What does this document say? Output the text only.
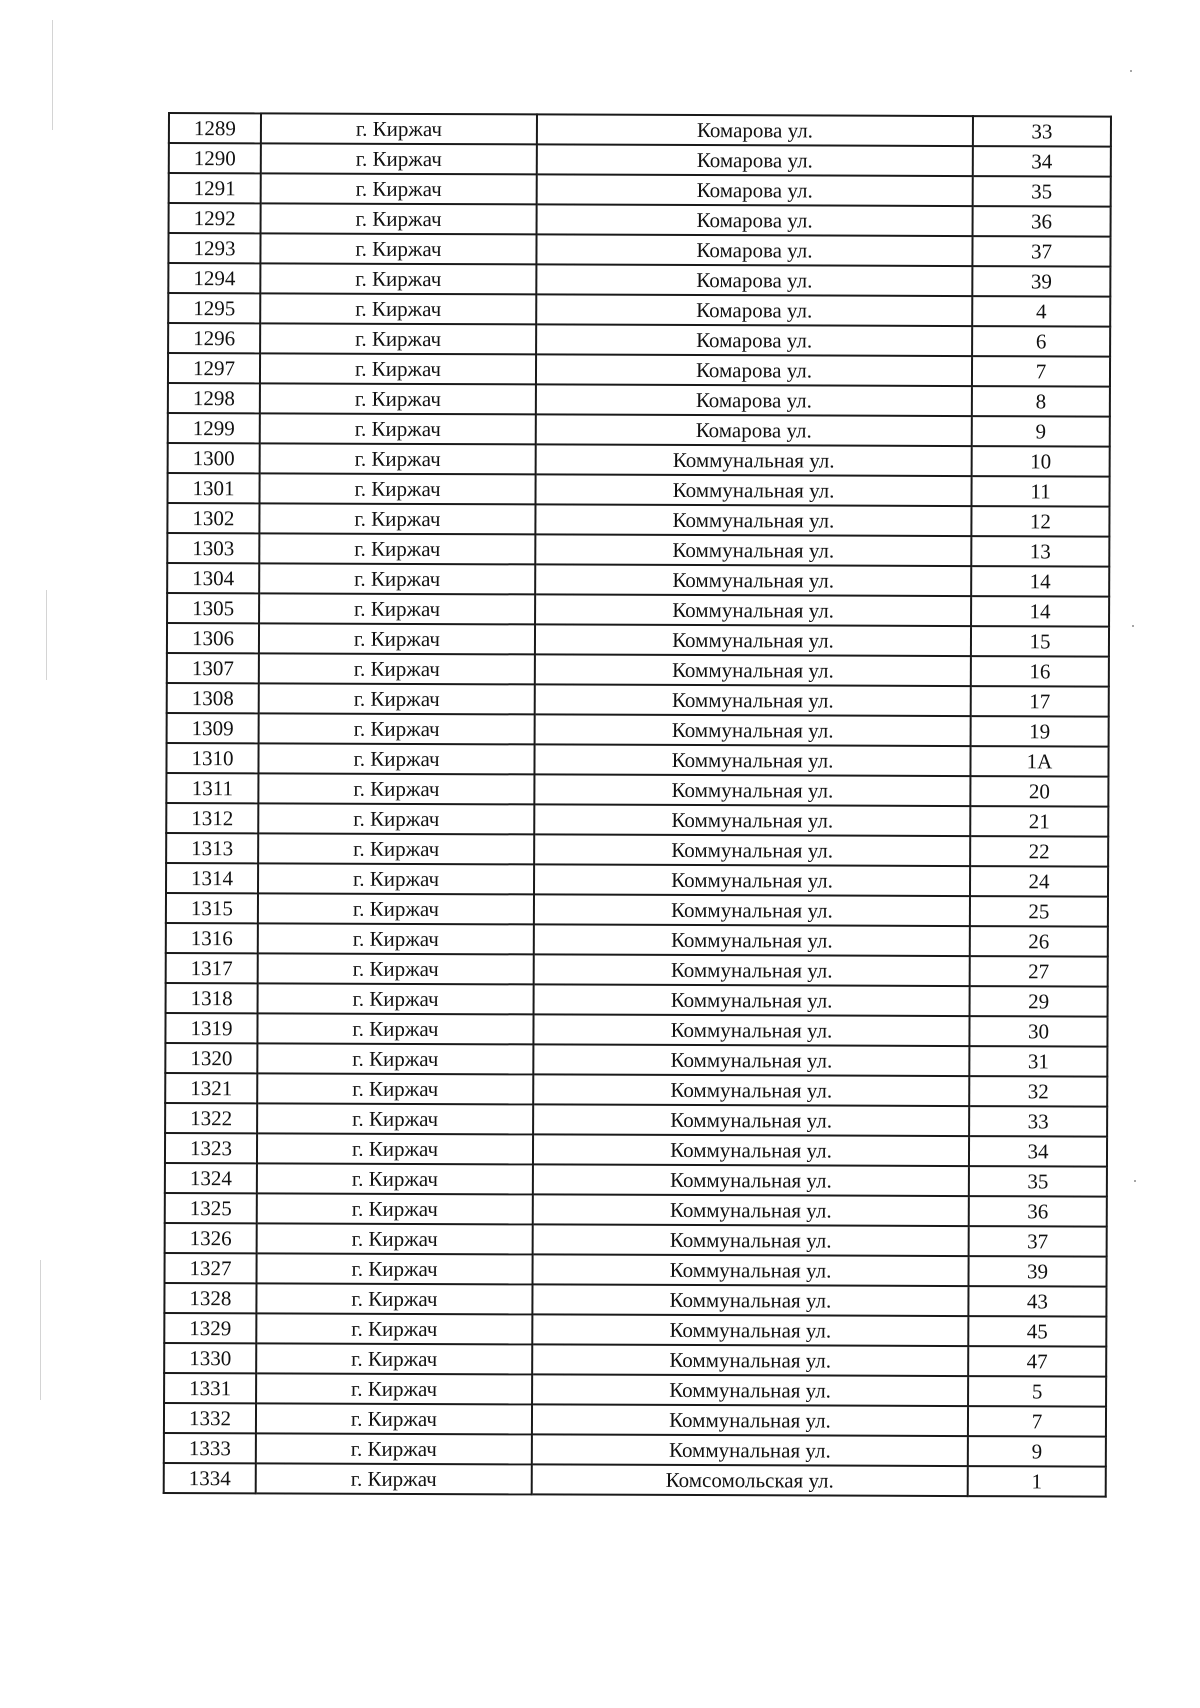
1289	г. Киржач	Комарова ул.	33
1290	г. Киржач	Комарова ул.	34
1291	г. Киржач	Комарова ул.	35
1292	г. Киржач	Комарова ул.	36
1293	г. Киржач	Комарова ул.	37
1294	г. Киржач	Комарова ул.	39
1295	г. Киржач	Комарова ул.	4
1296	г. Киржач	Комарова ул.	6
1297	г. Киржач	Комарова ул.	7
1298	г. Киржач	Комарова ул.	8
1299	г. Киржач	Комарова ул.	9
1300	г. Киржач	Коммунальная ул.	10
1301	г. Киржач	Коммунальная ул.	11
1302	г. Киржач	Коммунальная ул.	12
1303	г. Киржач	Коммунальная ул.	13
1304	г. Киржач	Коммунальная ул.	14
1305	г. Киржач	Коммунальная ул.	14
1306	г. Киржач	Коммунальная ул.	15
1307	г. Киржач	Коммунальная ул.	16
1308	г. Киржач	Коммунальная ул.	17
1309	г. Киржач	Коммунальная ул.	19
1310	г. Киржач	Коммунальная ул.	1А
1311	г. Киржач	Коммунальная ул.	20
1312	г. Киржач	Коммунальная ул.	21
1313	г. Киржач	Коммунальная ул.	22
1314	г. Киржач	Коммунальная ул.	24
1315	г. Киржач	Коммунальная ул.	25
1316	г. Киржач	Коммунальная ул.	26
1317	г. Киржач	Коммунальная ул.	27
1318	г. Киржач	Коммунальная ул.	29
1319	г. Киржач	Коммунальная ул.	30
1320	г. Киржач	Коммунальная ул.	31
1321	г. Киржач	Коммунальная ул.	32
1322	г. Киржач	Коммунальная ул.	33
1323	г. Киржач	Коммунальная ул.	34
1324	г. Киржач	Коммунальная ул.	35
1325	г. Киржач	Коммунальная ул.	36
1326	г. Киржач	Коммунальная ул.	37
1327	г. Киржач	Коммунальная ул.	39
1328	г. Киржач	Коммунальная ул.	43
1329	г. Киржач	Коммунальная ул.	45
1330	г. Киржач	Коммунальная ул.	47
1331	г. Киржач	Коммунальная ул.	5
1332	г. Киржач	Коммунальная ул.	7
1333	г. Киржач	Коммунальная ул.	9
1334	г. Киржач	Комсомольская ул.	1
